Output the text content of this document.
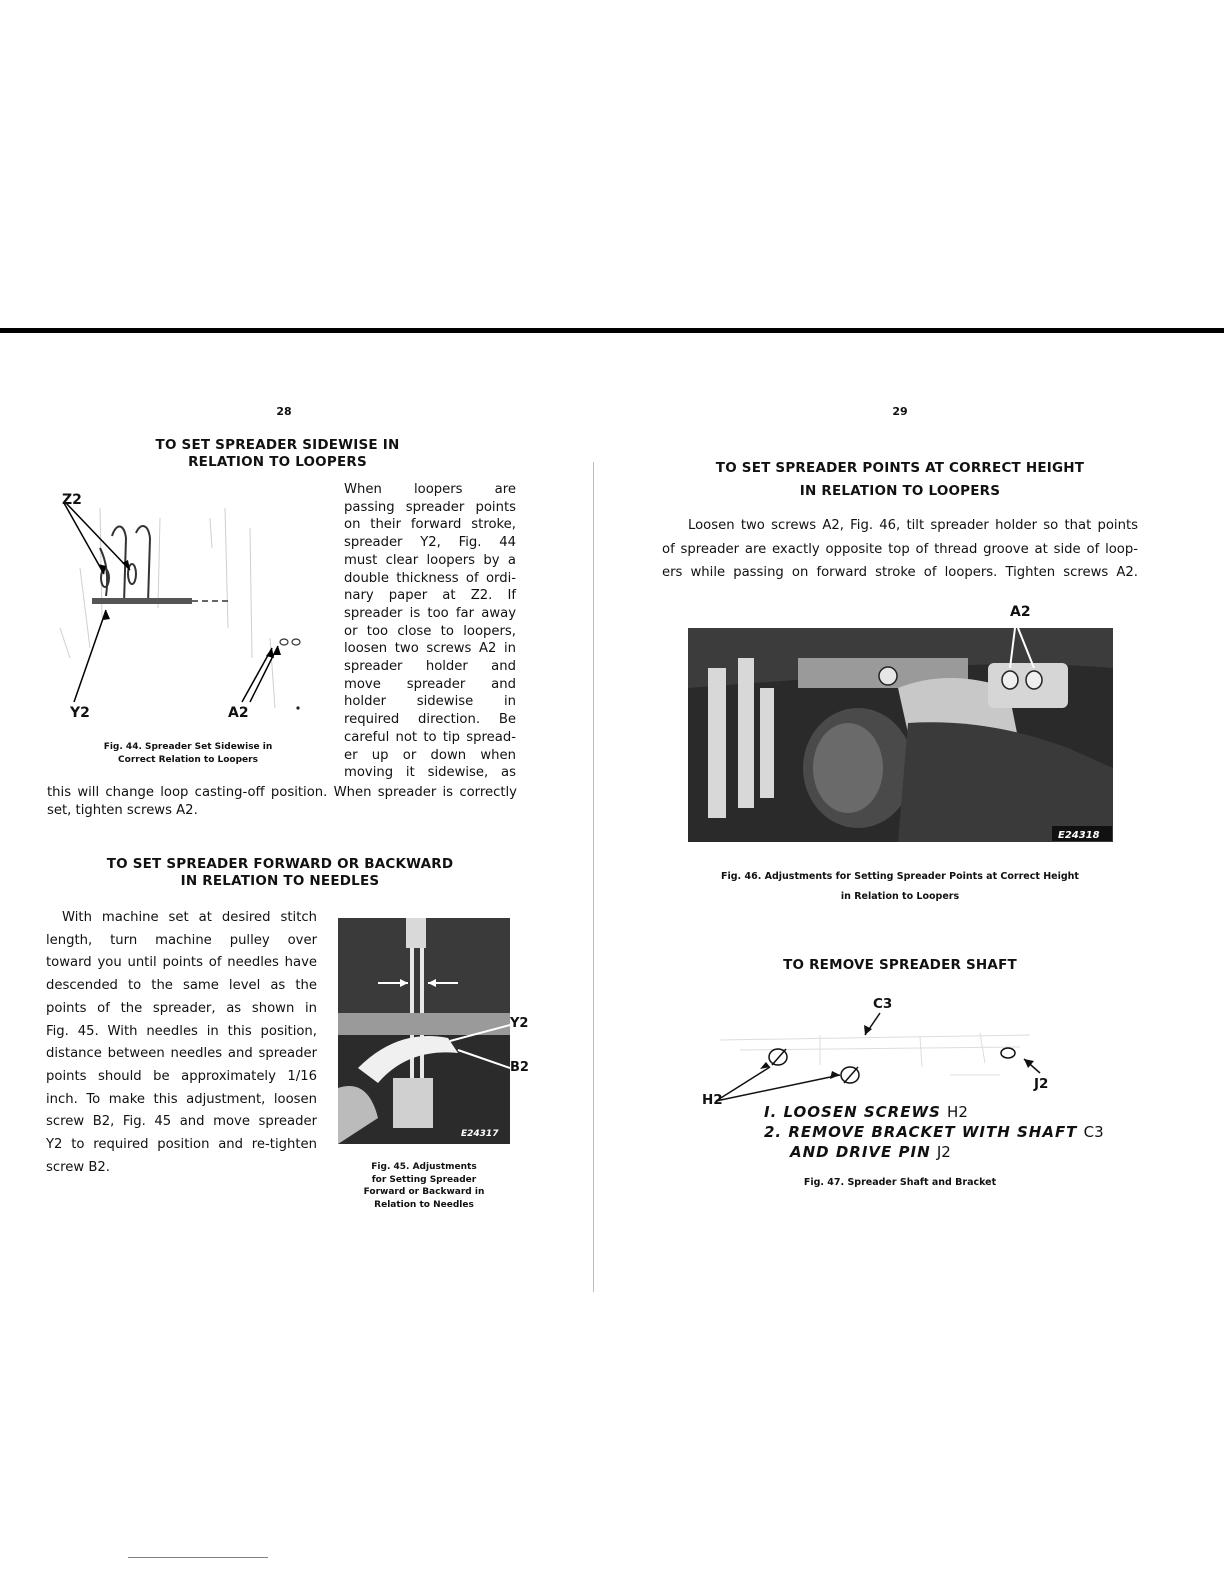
28
TO SET SPREADER SIDEWISE IN
RELATION TO LOOPERS
Z2
Y2	A2
Fig. 44. Spreader Set Sidewise in
Correct Relation to Loopers
When loopers are
passing spreader points
on their forward stroke,
spreader Y2, Fig. 44
must clear loopers by a
double thickness of ordi-
nary paper at Z2. If
spreader is too far away
or too close to loopers,
loosen two screws A2 in
spreader holder and
move spreader and
holder sidewise in
required direction. Be
careful not to tip spread-
er up or down when
moving it sidewise, as
this will change loop casting-off position. When spreader is correctly
set, tighten screws A2.
TO SET SPREADER FORWARD OR BACKWARD
IN RELATION TO NEEDLES
With machine set at desired stitch
length, turn machine pulley over
toward you until points of needles have
descended to the same level as the
points of the spreader, as shown in
Fig. 45. With needles in this position,
distance between needles and spreader
points should be approximately 1/16
inch. To make this adjustment, loosen
screw B2, Fig. 45 and move spreader
Y2 to required position and re-tighten
screw B2.
E24317
Y2
B2
Fig. 45. Adjustments
for Setting Spreader
Forward or Backward in
Relation to Needles
29
TO SET SPREADER POINTS AT CORRECT HEIGHT
IN RELATION TO LOOPERS
Loosen two screws A2, Fig. 46, tilt spreader holder so that points
of spreader are exactly opposite top of thread groove at side of loop-
ers while passing on forward stroke of loopers. Tighten screws A2.
A2
E24318
Fig. 46. Adjustments for Setting Spreader Points at Correct Height
in Relation to Loopers
TO REMOVE SPREADER SHAFT
C3
H2
J2
I. LOOSEN SCREWS H2
2. REMOVE BRACKET WITH SHAFT C3
AND DRIVE PIN J2
Fig. 47. Spreader Shaft and Bracket
